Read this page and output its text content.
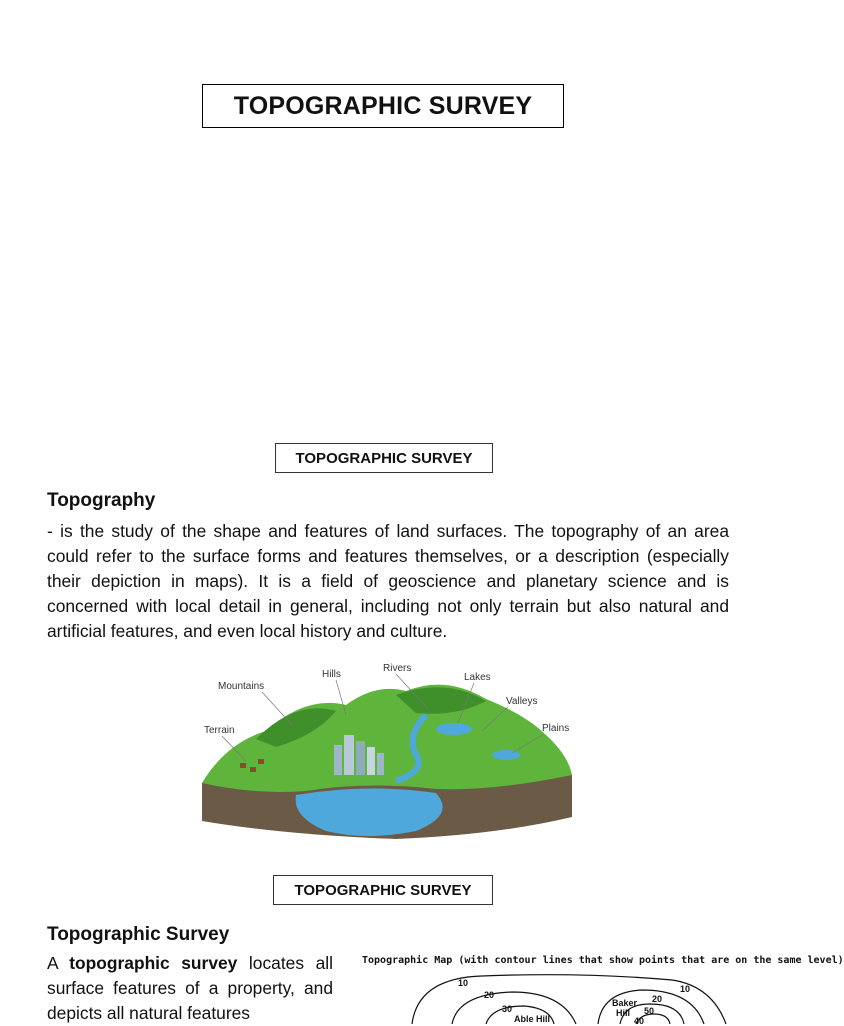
TOPOGRAPHIC SURVEY
TOPOGRAPHIC SURVEY
Topography

- is the study of the shape and features of land surfaces. The topography of an area could refer to the surface forms and features themselves, or a description (especially their depiction in maps). It is a field of geoscience and planetary science and is concerned with local detail in general, including not only terrain but also natural and artificial features, and even local history and culture.

Mountains
Hills
Rivers
Lakes
Valleys
Plains
Terrain
TOPOGRAPHIC SURVEY
Topographic Survey

A topographic survey locates all surface features of a property, and depicts all natural features

Topographic Map (with contour lines that show points that are on the same level)
10
20
30
Able Hill
Baker
Hill 50
20
10
40
